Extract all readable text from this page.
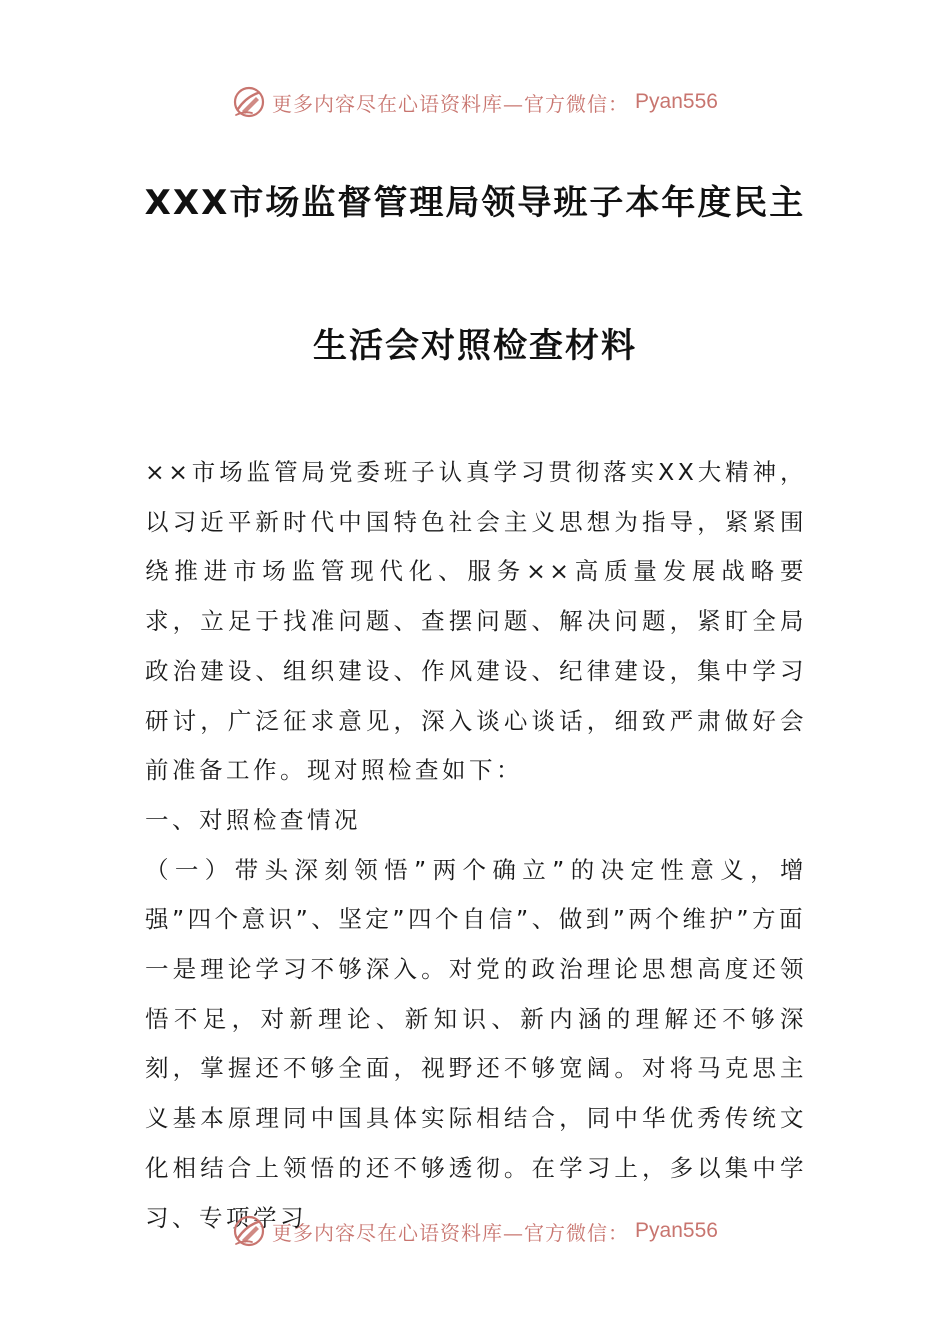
更多内容尽在心语资料库—官方微信： Pyan556
XXX市场监督管理局领导班子本年度民主
生活会对照检查材料

××市场监管局党委班子认真学习贯彻落实XX大精神，以习近平新时代中国特色社会主义思想为指导，紧紧围绕推进市场监管现代化、服务××高质量发展战略要求，立足于找准问题、查摆问题、解决问题，紧盯全局政治建设、组织建设、作风建设、纪律建设，集中学习研讨，广泛征求意见，深入谈心谈话，细致严肃做好会前准备工作。现对照检查如下：

一、对照检查情况

（一）带头深刻领悟”两个确立”的决定性意义，增强”四个意识”、坚定”四个自信”、做到”两个维护”方面

一是理论学习不够深入。对党的政治理论思想高度还领悟不足，对新理论、新知识、新内涵的理解还不够深刻，掌握还不够全面，视野还不够宽阔。对将马克思主义基本原理同中国具体实际相结合，同中华优秀传统文化相结合上领悟的还不够透彻。在学习上，多以集中学习、专项学习

更多内容尽在心语资料库—官方微信： Pyan556
